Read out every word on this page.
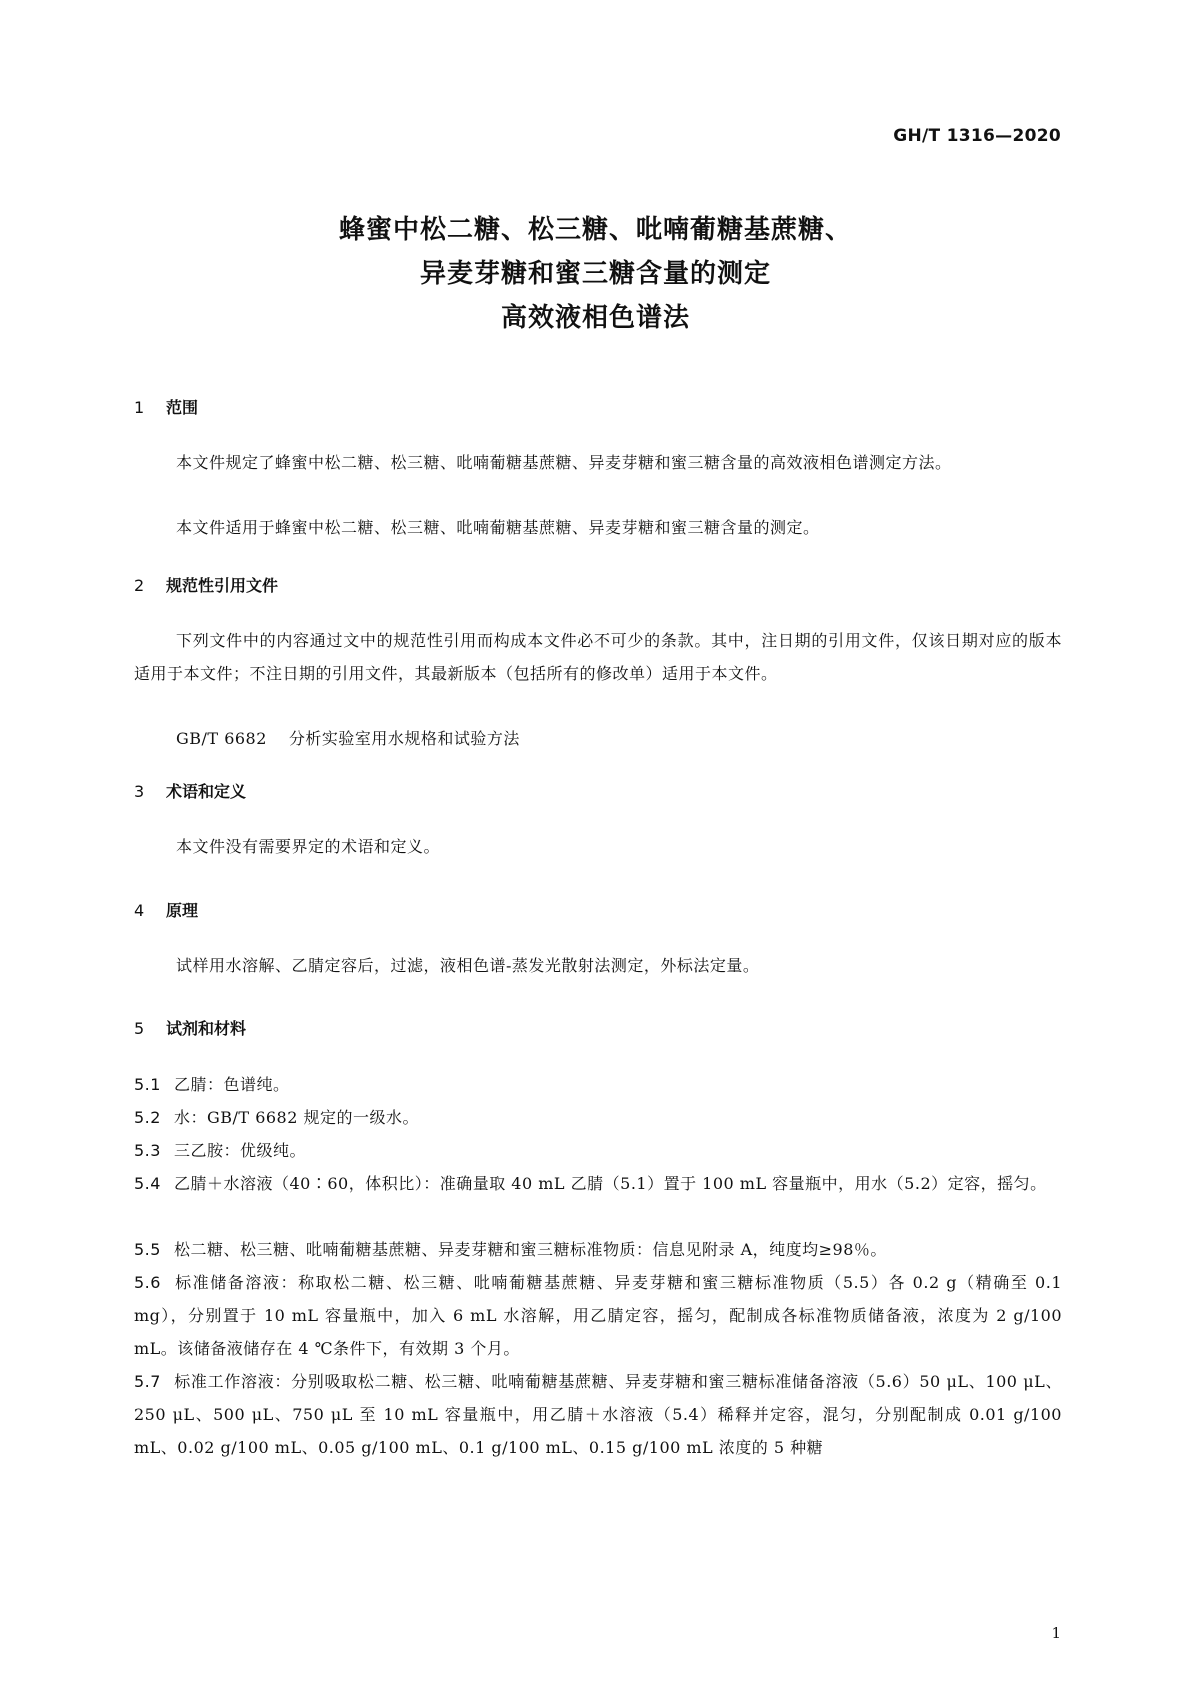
GH/T 1316—2020
蜂蜜中松二糖、松三糖、吡喃葡糖基蔗糖、
异麦芽糖和蜜三糖含量的测定
高效液相色谱法
1 范围
本文件规定了蜂蜜中松二糖、松三糖、吡喃葡糖基蔗糖、异麦芽糖和蜜三糖含量的高效液相色谱测定方法。
本文件适用于蜂蜜中松二糖、松三糖、吡喃葡糖基蔗糖、异麦芽糖和蜜三糖含量的测定。
2 规范性引用文件
下列文件中的内容通过文中的规范性引用而构成本文件必不可少的条款。其中，注日期的引用文件，仅该日期对应的版本适用于本文件；不注日期的引用文件，其最新版本（包括所有的修改单）适用于本文件。
GB/T 6682 分析实验室用水规格和试验方法
3 术语和定义
本文件没有需要界定的术语和定义。
4 原理
试样用水溶解、乙腈定容后，过滤，液相色谱-蒸发光散射法测定，外标法定量。
5 试剂和材料
5.1 乙腈：色谱纯。
5.2 水：GB/T 6682 规定的一级水。
5.3 三乙胺：优级纯。
5.4 乙腈＋水溶液（40∶60，体积比）：准确量取 40 mL 乙腈（5.1）置于 100 mL 容量瓶中，用水（5.2）定容，摇匀。
5.5 松二糖、松三糖、吡喃葡糖基蔗糖、异麦芽糖和蜜三糖标准物质：信息见附录 A，纯度均≥98％。
5.6 标准储备溶液：称取松二糖、松三糖、吡喃葡糖基蔗糖、异麦芽糖和蜜三糖标准物质（5.5）各 0.2 g（精确至 0.1 mg），分别置于 10 mL 容量瓶中，加入 6 mL 水溶解，用乙腈定容，摇匀，配制成各标准物质储备液，浓度为 2 g/100 mL。该储备液储存在 4 ℃条件下，有效期 3 个月。
5.7 标准工作溶液：分别吸取松二糖、松三糖、吡喃葡糖基蔗糖、异麦芽糖和蜜三糖标准储备溶液（5.6）50 μL、100 μL、250 μL、500 μL、750 μL 至 10 mL 容量瓶中，用乙腈＋水溶液（5.4）稀释并定容，混匀，分别配制成 0.01 g/100 mL、0.02 g/100 mL、0.05 g/100 mL、0.1 g/100 mL、0.15 g/100 mL 浓度的 5 种糖
1
